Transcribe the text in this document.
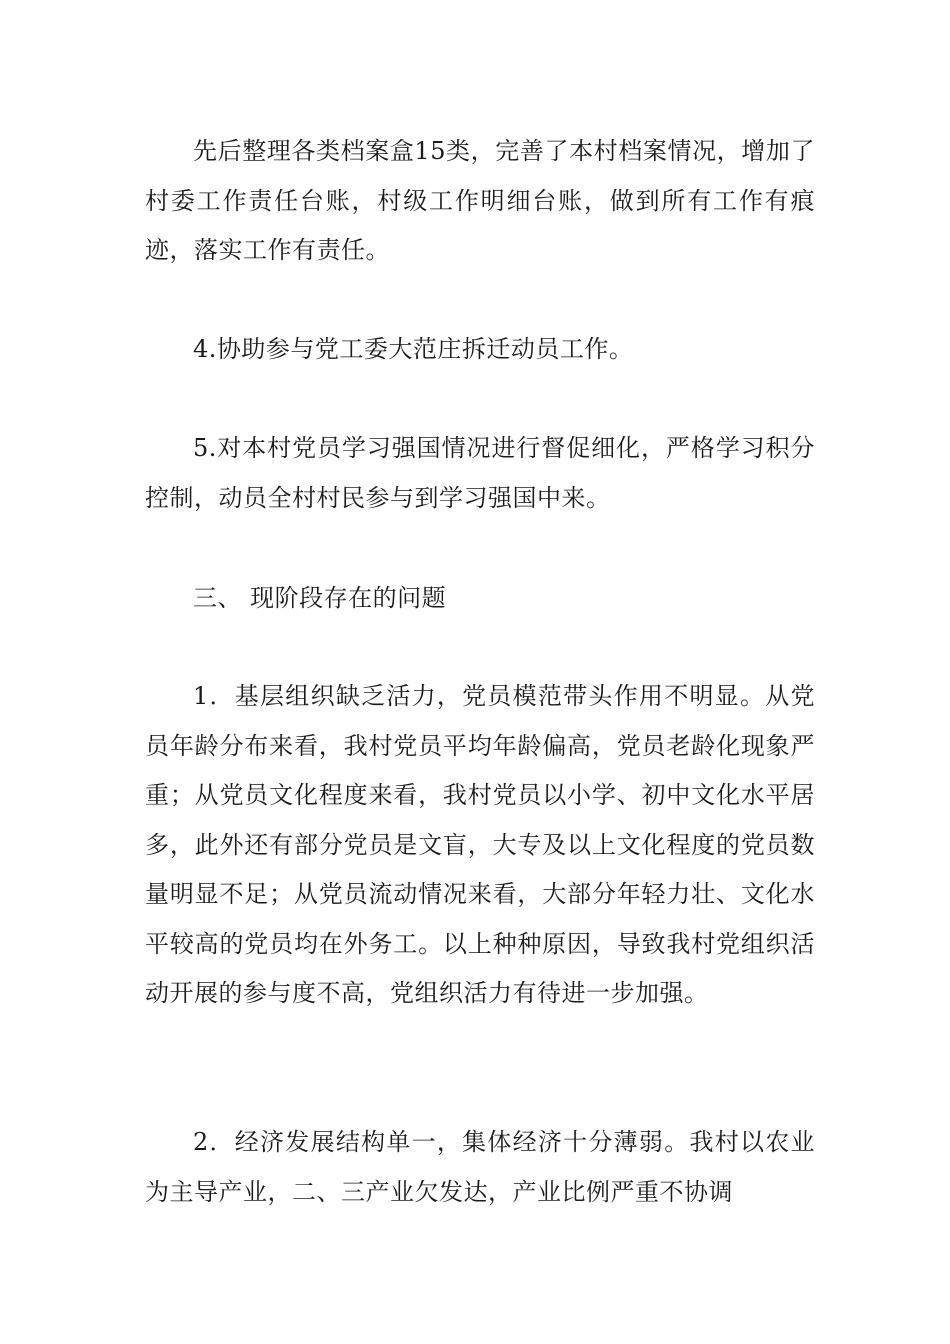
先后整理各类档案盒15类，完善了本村档案情况，增加了村委工作责任台账，村级工作明细台账，做到所有工作有痕迹，落实工作有责任。

4.协助参与党工委大范庄拆迁动员工作。

5.对本村党员学习强国情况进行督促细化，严格学习积分控制，动员全村村民参与到学习强国中来。

三、 现阶段存在的问题

1．基层组织缺乏活力，党员模范带头作用不明显。从党员年龄分布来看，我村党员平均年龄偏高，党员老龄化现象严重；从党员文化程度来看，我村党员以小学、初中文化水平居多，此外还有部分党员是文盲，大专及以上文化程度的党员数量明显不足；从党员流动情况来看，大部分年轻力壮、文化水平较高的党员均在外务工。以上种种原因，导致我村党组织活动开展的参与度不高，党组织活力有待进一步加强。

2．经济发展结构单一，集体经济十分薄弱。我村以农业为主导产业，二、三产业欠发达，产业比例严重不协调
